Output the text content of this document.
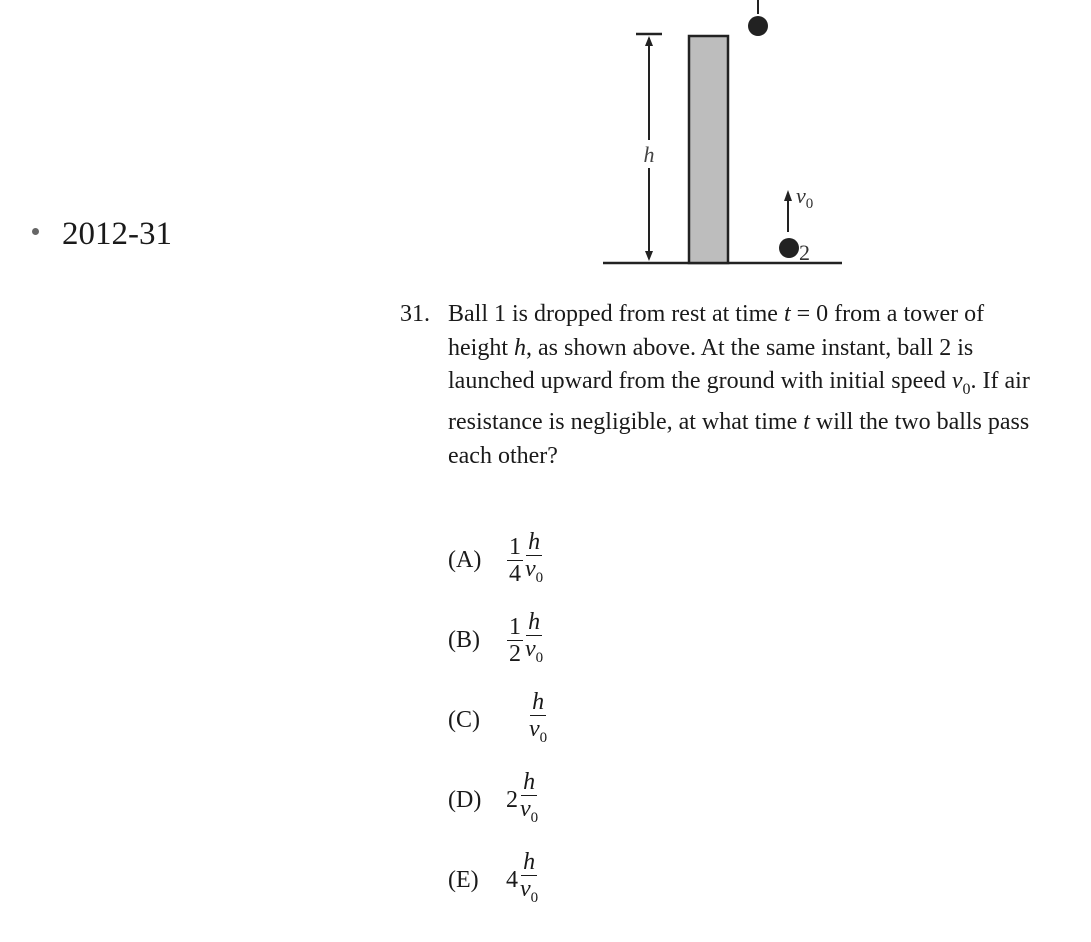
2012-31
h
$v_0$
2
31. Ball 1 is dropped from rest at time t = 0 from a tower of height h, as shown above. At the same instant, ball 2 is launched upward from the ground with initial speed $v_0$. If air resistance is negligible, at what time t will the two balls pass each other?
(A)	$\frac{1}{4} \frac{h}{v_0}$
(B)	$\frac{1}{2} \frac{h}{v_0}$
(C)	$\frac{h}{v_0}$
(D)	$2 \frac{h}{v_0}$
(E)	$4 \frac{h}{v_0}$
